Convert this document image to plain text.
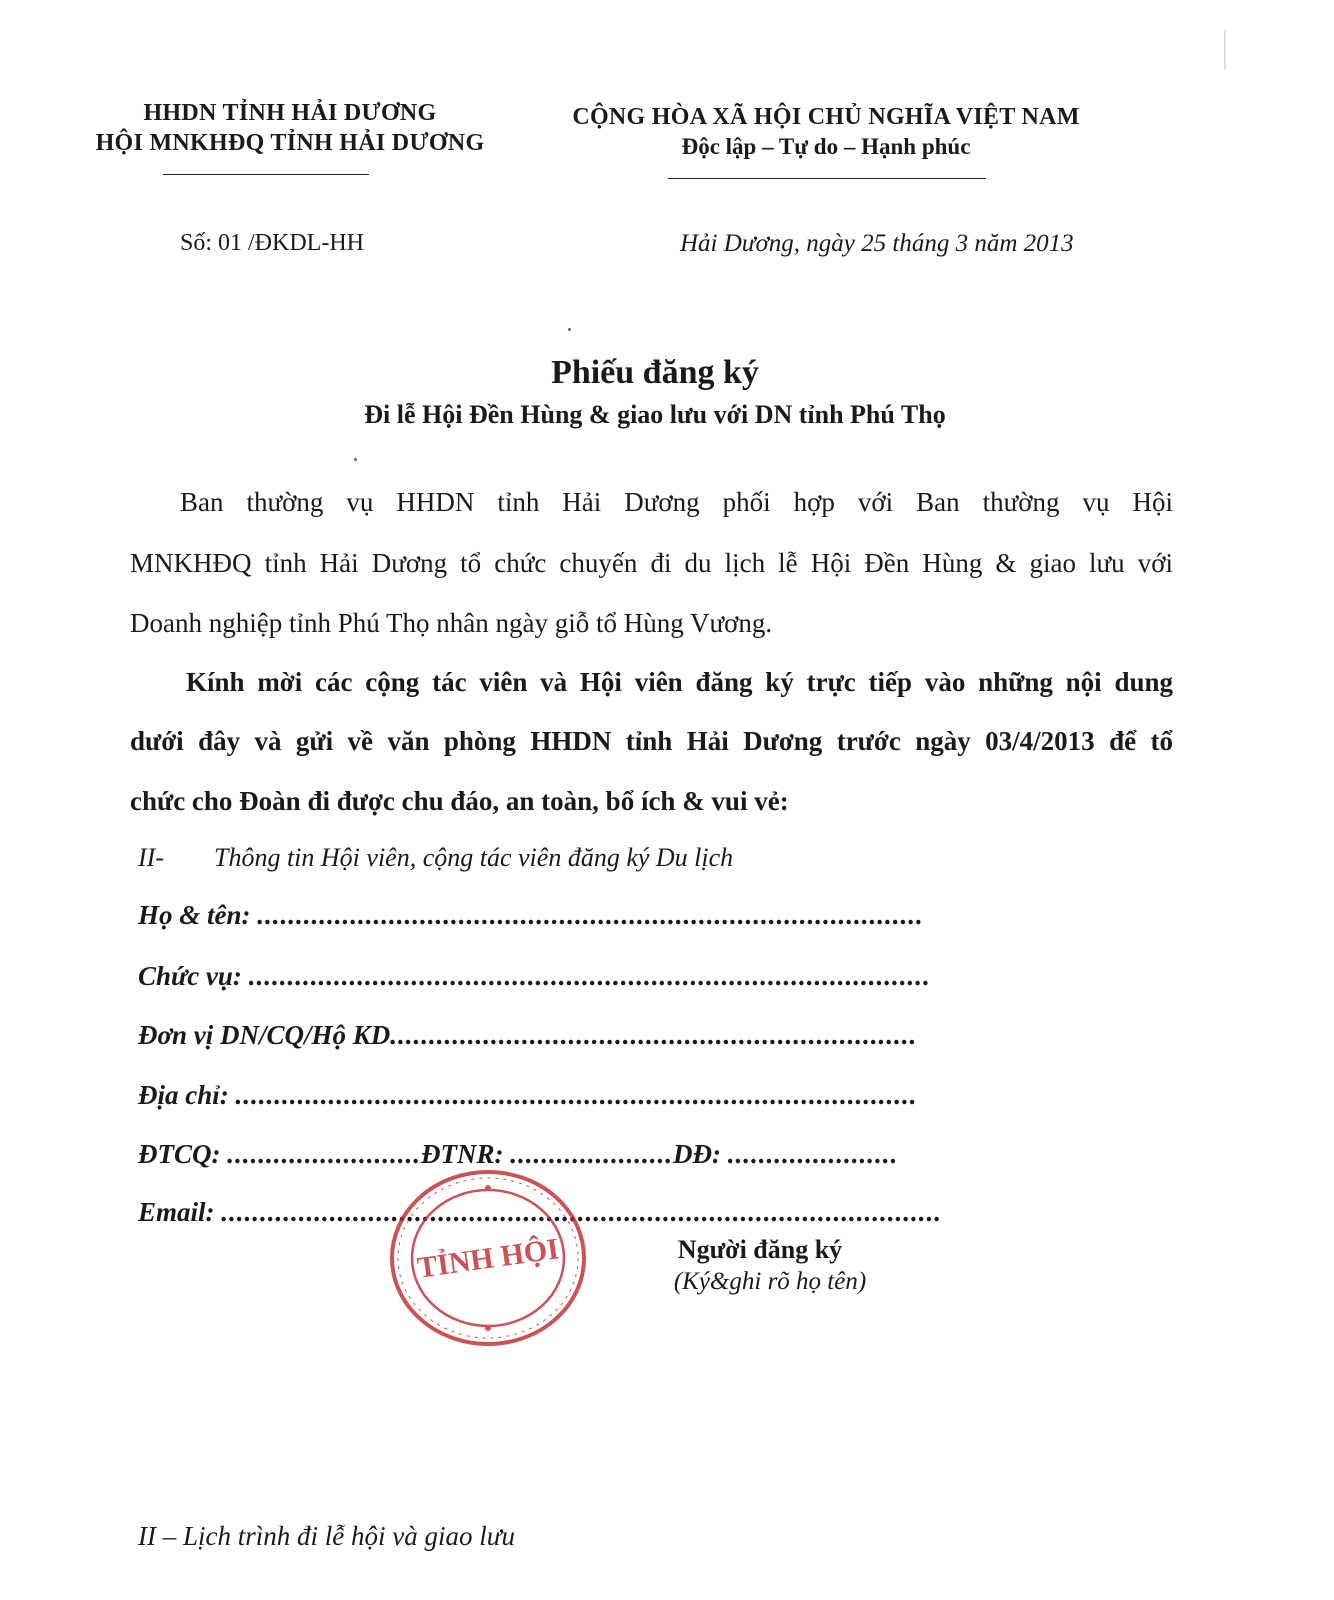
HHDN TỈNH HẢI DƯƠNG
HỘI MNKHĐQ TỈNH HẢI DƯƠNG
CỘNG HÒA XÃ HỘI CHỦ NGHĨA VIỆT NAM
Độc lập – Tự do – Hạnh phúc
Số: 01 /ĐKDL-HH	Hải Dương, ngày 25 tháng 3 năm 2013
Phiếu đăng ký
Đi lễ Hội Đền Hùng & giao lưu với DN tỉnh Phú Thọ
Ban thường vụ HHDN tỉnh Hải Dương phối hợp với Ban thường vụ Hội
MNKHĐQ tỉnh Hải Dương tổ chức chuyến đi du lịch lễ Hội Đền Hùng & giao lưu với
Doanh nghiệp tỉnh Phú Thọ nhân ngày giỗ tổ Hùng Vương.
Kính mời các cộng tác viên và Hội viên đăng ký trực tiếp vào những nội dung
dưới đây và gửi về văn phòng HHDN tỉnh Hải Dương trước ngày 03/4/2013 để tổ
chức cho Đoàn đi được chu đáo, an toàn, bổ ích & vui vẻ:
II- Thông tin Hội viên, cộng tác viên đăng ký Du lịch
Họ & tên: ......................................................................................
Chức vụ: ........................................................................................
Đơn vị DN/CQ/Hộ KD....................................................................
Địa chỉ: ........................................................................................
ĐTCQ: .........................ĐTNR: .....................DĐ: ......................
Email: .............................................................................................
Người đăng ký
(Ký&ghi rõ họ tên)
TỈNH HỘI
II – Lịch trình đi lễ hội và giao lưu
